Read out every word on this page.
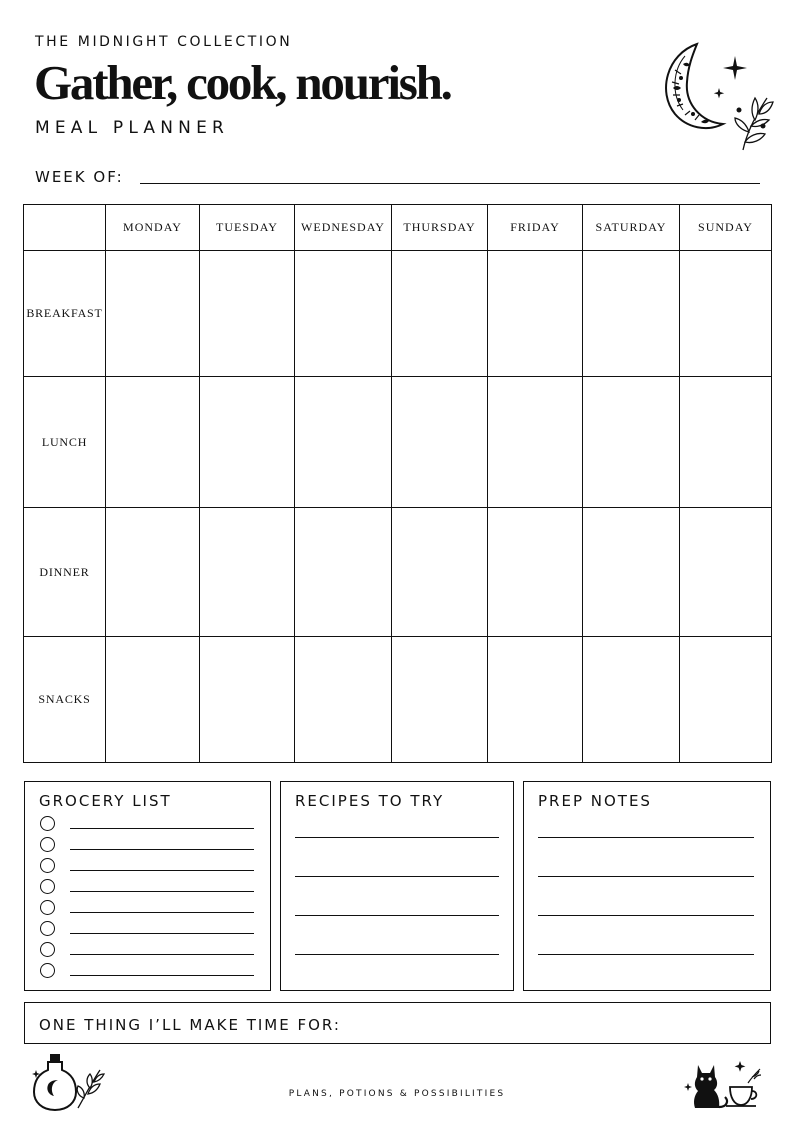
THE MIDNIGHT COLLECTION
Gather, cook, nourish.
MEAL PLANNER
WEEK OF:
	MONDAY	TUESDAY	WEDNESDAY	THURSDAY	FRIDAY	SATURDAY	SUNDAY
BREAKFAST							
LUNCH							
DINNER							
SNACKS							
GROCERY LIST	RECIPES TO TRY	PREP NOTES
ONE THING I’LL MAKE TIME FOR:
PLANS, POTIONS & POSSIBILITIES
